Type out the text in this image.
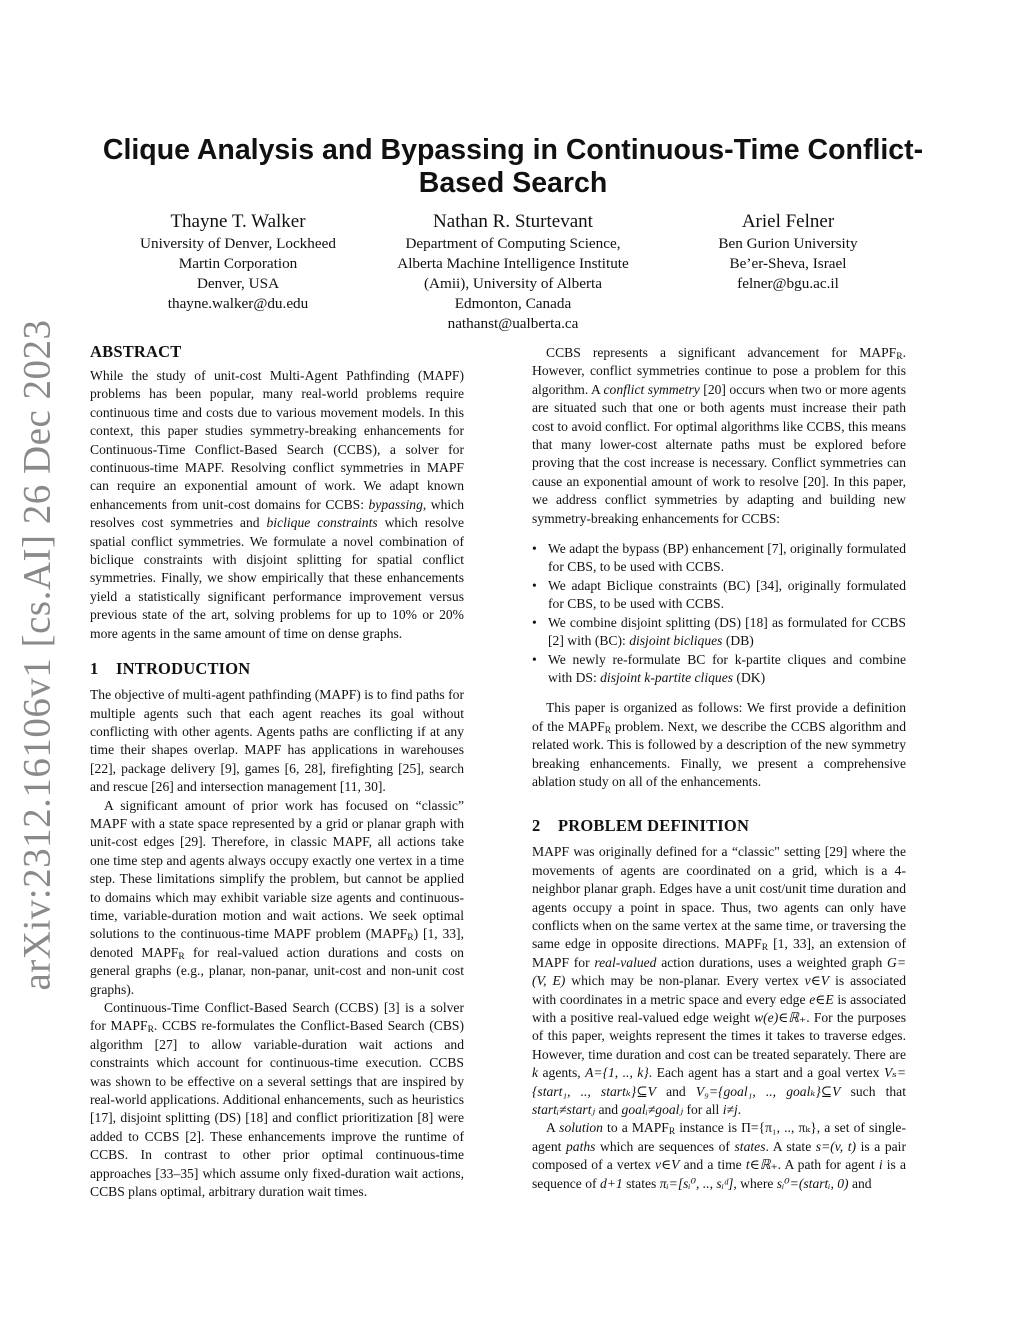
arXiv:2312.16106v1 [cs.AI] 26 Dec 2023
Clique Analysis and Bypassing in Continuous-Time Conflict-Based Search
Thayne T. Walker
University of Denver, Lockheed
Martin Corporation
Denver, USA
thayne.walker@du.edu
Nathan R. Sturtevant
Department of Computing Science,
Alberta Machine Intelligence Institute
(Amii), University of Alberta
Edmonton, Canada
nathanst@ualberta.ca
Ariel Felner
Ben Gurion University
Be’er-Sheva, Israel
felner@bgu.ac.il
ABSTRACT

While the study of unit-cost Multi-Agent Pathfinding (MAPF) problems has been popular, many real-world problems require continuous time and costs due to various movement models. In this context, this paper studies symmetry-breaking enhancements for Continuous-Time Conflict-Based Search (CCBS), a solver for continuous-time MAPF. Resolving conflict symmetries in MAPF can require an exponential amount of work. We adapt known enhancements from unit-cost domains for CCBS: bypassing, which resolves cost symmetries and biclique constraints which resolve spatial conflict symmetries. We formulate a novel combination of biclique constraints with disjoint splitting for spatial conflict symmetries. Finally, we show empirically that these enhancements yield a statistically significant performance improvement versus previous state of the art, solving problems for up to 10% or 20% more agents in the same amount of time on dense graphs.

1 INTRODUCTION

The objective of multi-agent pathfinding (MAPF) is to find paths for multiple agents such that each agent reaches its goal without conflicting with other agents. Agents paths are conflicting if at any time their shapes overlap. MAPF has applications in warehouses [22], package delivery [9], games [6, 28], firefighting [25], search and rescue [26] and intersection management [11, 30].

A significant amount of prior work has focused on “classic” MAPF with a state space represented by a grid or planar graph with unit-cost edges [29]. Therefore, in classic MAPF, all actions take one time step and agents always occupy exactly one vertex in a time step. These limitations simplify the problem, but cannot be applied to domains which may exhibit variable size agents and continuous-time, variable-duration motion and wait actions. We seek optimal solutions to the continuous-time MAPF problem $(MAPF_R)$ [1, 33], denoted $MAPF_R$ for real-valued action durations and costs on general graphs (e.g., planar, non-panar, unit-cost and non-unit cost graphs).

Continuous-Time Conflict-Based Search (CCBS) [3] is a solver for $MAPF_R$. CCBS re-formulates the Conflict-Based Search (CBS) algorithm [27] to allow variable-duration wait actions and constraints which account for continuous-time execution. CCBS was shown to be effective on a several settings that are inspired by real-world applications. Additional enhancements, such as heuristics [17], disjoint splitting (DS) [18] and conflict prioritization [8] were added to CCBS [2]. These enhancements improve the runtime of CCBS. In contrast to other prior optimal continuous-time approaches [33–35] which assume only fixed-duration wait actions, CCBS plans optimal, arbitrary duration wait times.

CCBS represents a significant advancement for $MAPF_R$. However, conflict symmetries continue to pose a problem for this algorithm. A conflict symmetry [20] occurs when two or more agents are situated such that one or both agents must increase their path cost to avoid conflict. For optimal algorithms like CCBS, this means that many lower-cost alternate paths must be explored before proving that the cost increase is necessary. Conflict symmetries can cause an exponential amount of work to resolve [20]. In this paper, we address conflict symmetries by adapting and building new symmetry-breaking enhancements for CCBS:

• We adapt the bypass (BP) enhancement [7], originally formulated for CBS, to be used with CCBS.
• We adapt Biclique constraints (BC) [34], originally formulated for CBS, to be used with CCBS.
• We combine disjoint splitting (DS) [18] as formulated for CCBS [2] with (BC): disjoint bicliques (DB)
• We newly re-formulate BC for k-partite cliques and combine with DS: disjoint k-partite cliques (DK)

This paper is organized as follows: We first provide a definition of the $MAPF_R$ problem. Next, we describe the CCBS algorithm and related work. This is followed by a description of the new symmetry breaking enhancements. Finally, we present a comprehensive ablation study on all of the enhancements.

2 PROBLEM DEFINITION

MAPF was originally defined for a “classic" setting [29] where the movements of agents are coordinated on a grid, which is a 4-neighbor planar graph. Edges have a unit cost/unit time duration and agents occupy a point in space. Thus, two agents can only have conflicts when on the same vertex at the same time, or traversing the same edge in opposite directions. $MAPF_R$ [1, 33], an extension of MAPF for real-valued action durations, uses a weighted graph G=(V, E) which may be non-planar. Every vertex v∈V is associated with coordinates in a metric space and every edge e∈E is associated with a positive real-valued edge weight w(e)∈ℝ₊. For the purposes of this paper, weights represent the times it takes to traverse edges. However, time duration and cost can be treated separately. There are k agents, A={1, .., k}. Each agent has a start and a goal vertex Vₛ={start₁, .., startₖ}⊆V and V₉={goal₁, .., goalₖ}⊆V such that startᵢ≠startⱼ and goalᵢ≠goalⱼ for all i≠j.

A solution to a $MAPF_R$ instance is Π={π₁, .., πₖ}, a set of single-agent paths which are sequences of states. A state s=(v, t) is a pair composed of a vertex v∈V and a time t∈ℝ₊. A path for agent i is a sequence of d+1 states πᵢ=[sᵢ⁰, .., sᵢᵈ], where sᵢ⁰=(startᵢ, 0) and
